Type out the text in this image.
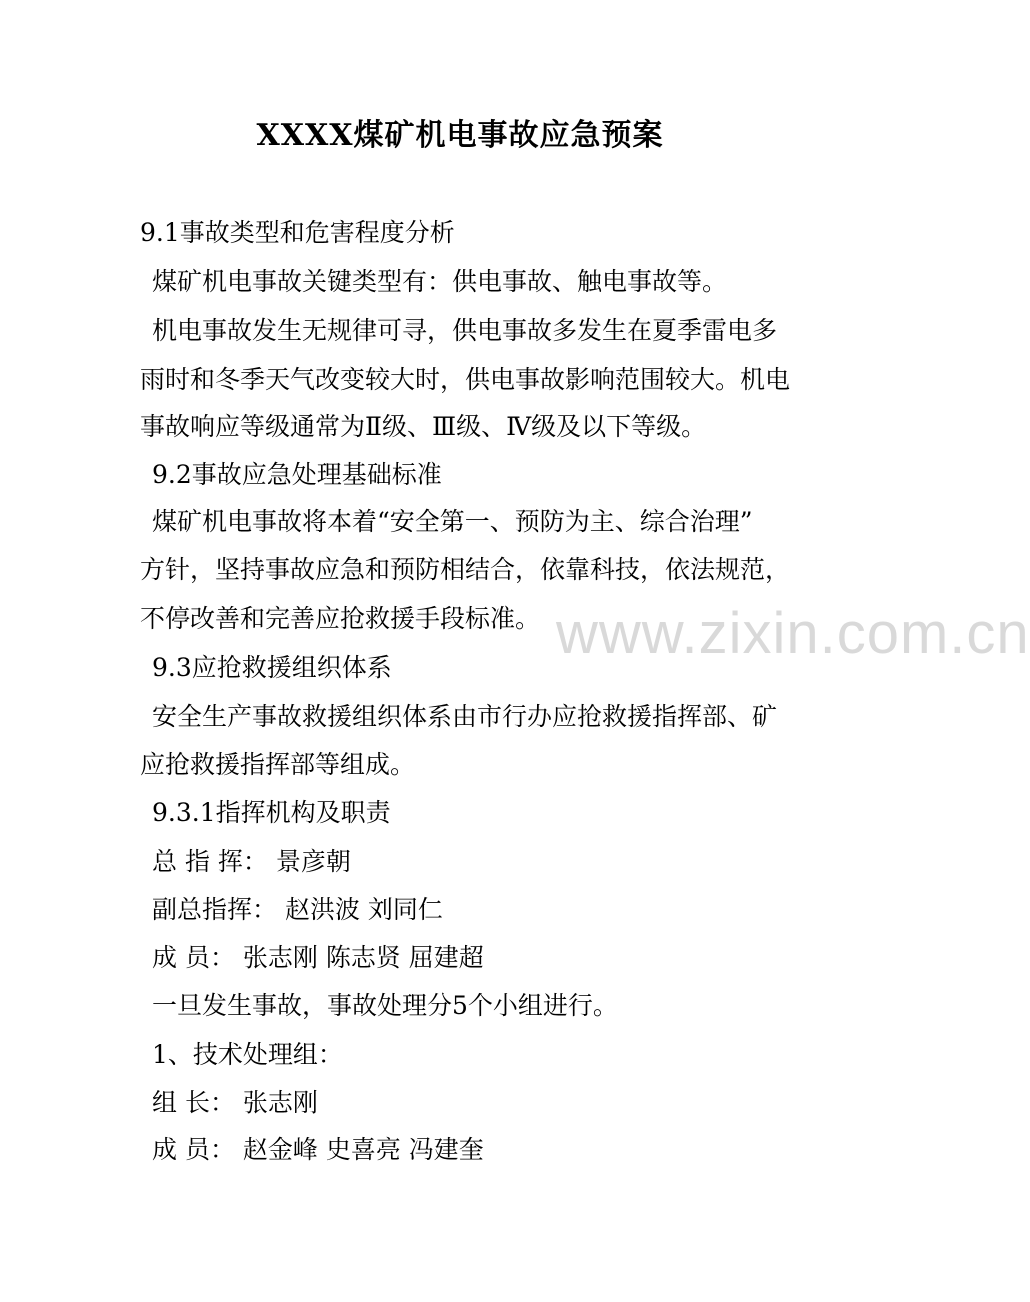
XXXX煤矿机电事故应急预案
9.1事故类型和危害程度分析
煤矿机电事故关键类型有：供电事故、触电事故等。
机电事故发生无规律可寻，供电事故多发生在夏季雷电多
雨时和冬季天气改变较大时，供电事故影响范围较大。机电
事故响应等级通常为Ⅱ级、Ⅲ级、Ⅳ级及以下等级。
9.2事故应急处理基础标准
煤矿机电事故将本着“安全第一、预防为主、综合治理”
方针，坚持事故应急和预防相结合，依靠科技，依法规范，
不停改善和完善应抢救援手段标准。
9.3应抢救援组织体系
安全生产事故救援组织体系由市行办应抢救援指挥部、矿
应抢救援指挥部等组成。
9.3.1指挥机构及职责
总 指 挥： 景彦朝
副总指挥： 赵洪波 刘同仁
成 员： 张志刚 陈志贤 屈建超
一旦发生事故，事故处理分5个小组进行。
1、技术处理组：
组 长： 张志刚
成 员： 赵金峰 史喜亮 冯建奎
www.zixin.com.cn
